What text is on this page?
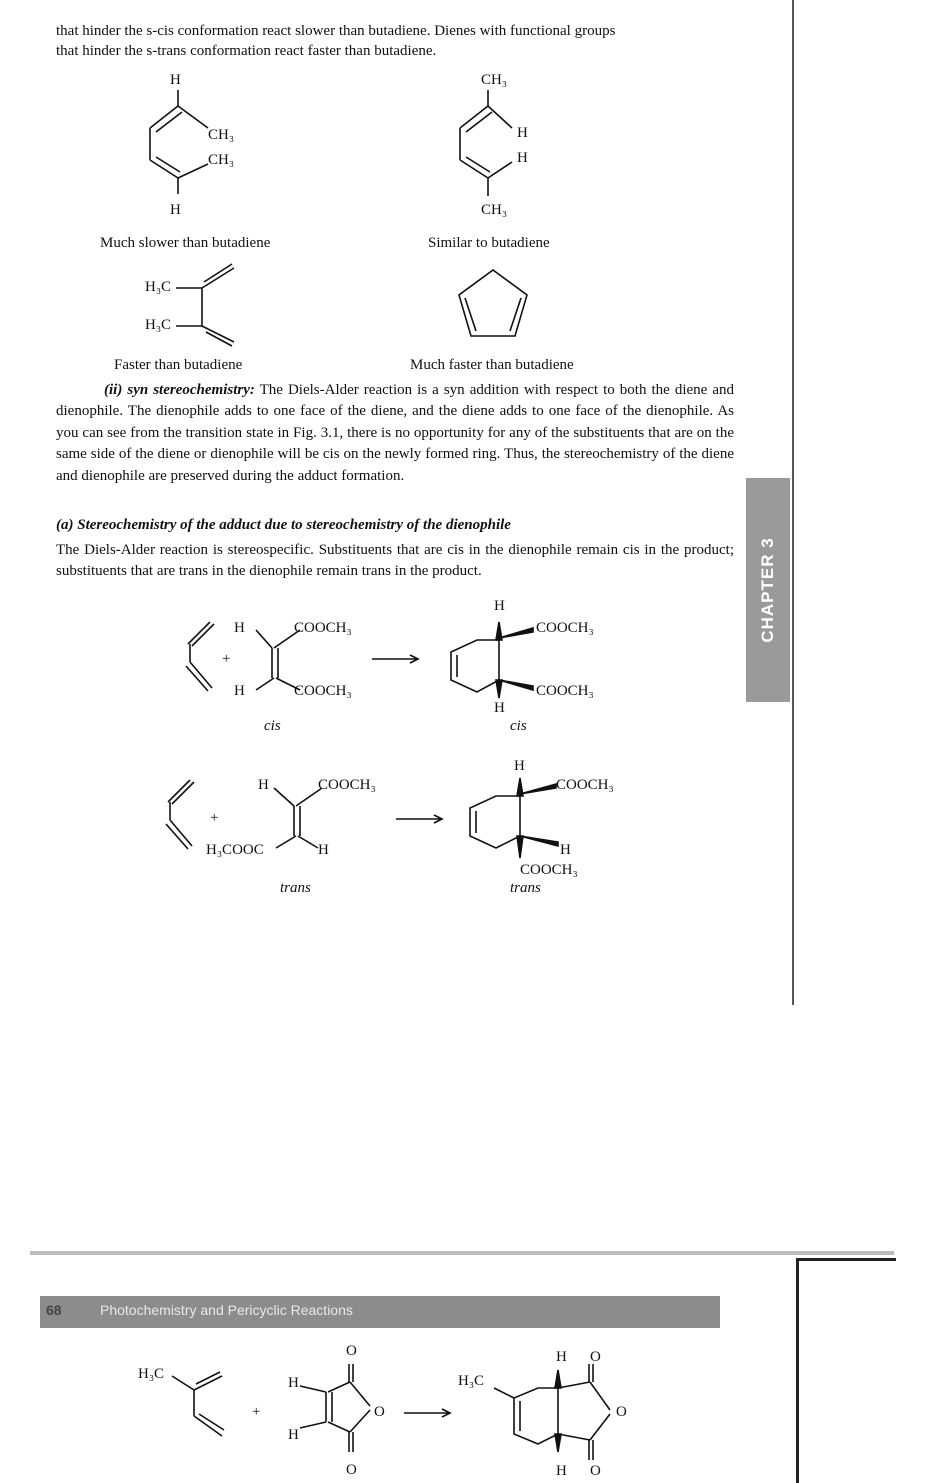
that hinder the s-cis conformation react slower than butadiene. Dienes with functional groups
that hinder the s-trans conformation react faster than butadiene.
H
CH₃
CH₃
H
Much slower than butadiene
CH₃
H
H
CH₃
Similar to butadiene
H₃C
H₃C
Faster than butadiene	Much faster than butadiene
(ii) syn stereochemistry: The Diels-Alder reaction is a syn addition with respect to both the diene and dienophile. The dienophile adds to one face of the diene, and the diene adds to one face of the dienophile. As you can see from the transition state in Fig. 3.1, there is no opportunity for any of the substituents that are on the same side of the diene or dienophile will be cis on the newly formed ring. Thus, the stereochemistry of the diene and dienophile are preserved during the adduct formation.
(a) Stereochemistry of the adduct due to stereochemistry of the dienophile
The Diels-Alder reaction is stereospecific. Substituents that are cis in the dienophile remain cis in the product; substituents that are trans in the dienophile remain trans in the product.
+
H	COOCH₃
H	COOCH₃
cis
H
COOCH₃
COOCH₃
H
cis
+
H	COOCH₃
H₃COOC	H
trans
H
COOCH₃
H
COOCH₃
trans
CHAPTER 3
68	Photochemistry and Pericyclic Reactions
H₃C
+
H
H
O
O
O
H₃C
H O
O
H O
